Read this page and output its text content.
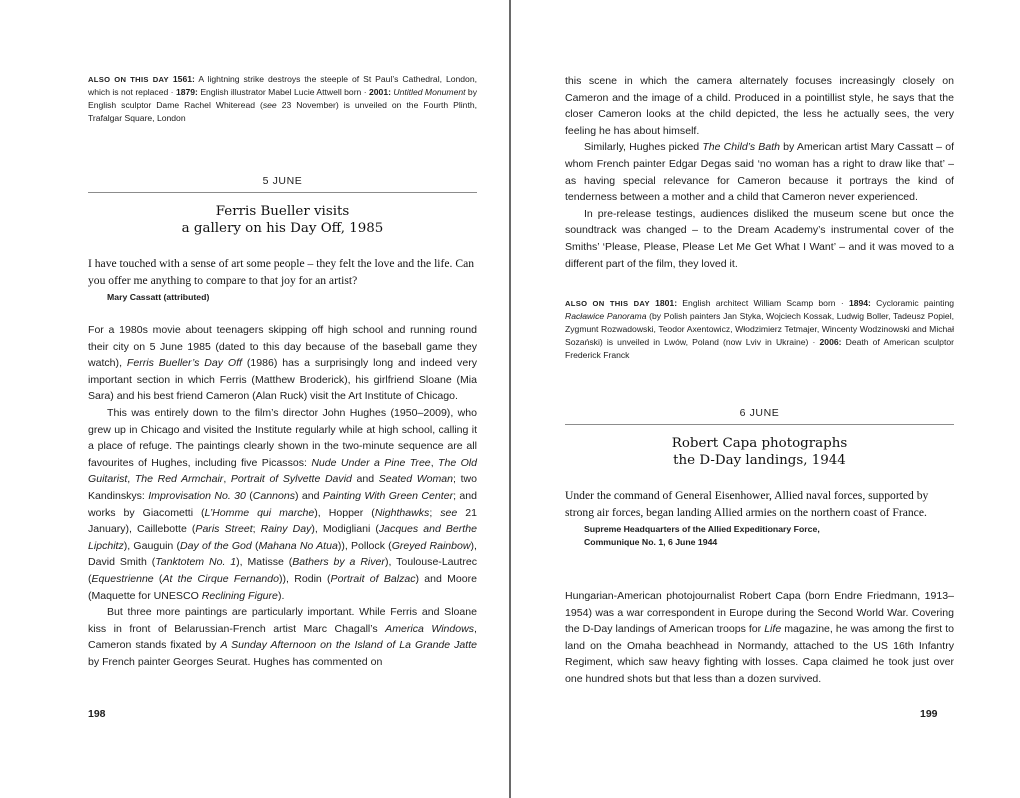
ALSO ON THIS DAY 1561: A lightning strike destroys the steeple of St Paul’s Cathedral, London, which is not replaced · 1879: English illustrator Mabel Lucie Attwell born · 2001: Untitled Monument by English sculptor Dame Rachel Whiteread (see 23 November) is unveiled on the Fourth Plinth, Trafalgar Square, London

5 JUNE
Ferris Bueller visits
a gallery on his Day Off, 1985

I have touched with a sense of art some people – they felt the love and the life. Can you offer me anything to compare to that joy for an artist?

Mary Cassatt (attributed)

For a 1980s movie about teenagers skipping off high school and running round their city on 5 June 1985 (dated to this day because of the baseball game they watch), Ferris Bueller’s Day Off (1986) has a surprisingly long and indeed very important section in which Ferris (Matthew Broderick), his girlfriend Sloane (Mia Sara) and his best friend Cameron (Alan Ruck) visit the Art Institute of Chicago.

This was entirely down to the film’s director John Hughes (1950–2009), who grew up in Chicago and visited the Institute regularly while at high school, calling it a place of refuge. The paintings clearly shown in the two-minute sequence are all favourites of Hughes, including five Picassos: Nude Under a Pine Tree, The Old Guitarist, The Red Armchair, Portrait of Sylvette David and Seated Woman; two Kandinskys: Improvisation No. 30 (Cannons) and Painting With Green Center; and works by Giacometti (L’Homme qui marche), Hopper (Nighthawks; see 21 January), Caillebotte (Paris Street; Rainy Day), Modigliani (Jacques and Berthe Lipchitz), Gauguin (Day of the God (Mahana No Atua)), Pollock (Greyed Rainbow), David Smith (Tanktotem No. 1), Matisse (Bathers by a River), Toulouse-Lautrec (Equestrienne (At the Cirque Fernando)), Rodin (Portrait of Balzac) and Moore (Maquette for UNESCO Reclining Figure).

But three more paintings are particularly important. While Ferris and Sloane kiss in front of Belarussian-French artist Marc Chagall’s America Windows, Cameron stands fixated by A Sunday Afternoon on the Island of La Grande Jatte by French painter Georges Seurat. Hughes has commented on

198

this scene in which the camera alternately focuses increasingly closely on Cameron and the image of a child. Produced in a pointillist style, he says that the closer Cameron looks at the child depicted, the less he actually sees, the very feeling he has about himself.

Similarly, Hughes picked The Child’s Bath by American artist Mary Cassatt – of whom French painter Edgar Degas said ‘no woman has a right to draw like that’ – as having special relevance for Cameron because it portrays the kind of tenderness between a mother and a child that Cameron never experienced.

In pre-release testings, audiences disliked the museum scene but once the soundtrack was changed – to the Dream Academy’s instrumental cover of the Smiths’ ‘Please, Please, Please Let Me Get What I Want’ – and it was moved to a different part of the film, they loved it.

ALSO ON THIS DAY 1801: English architect William Scamp born · 1894: Cycloramic painting Racławice Panorama (by Polish painters Jan Styka, Wojciech Kossak, Ludwig Boller, Tadeusz Popiel, Zygmunt Rozwadowski, Teodor Axentowicz, Włodzimierz Tetmajer, Wincenty Wodzinowski and Michał Sozański) is unveiled in Lwów, Poland (now Lviv in Ukraine) · 2006: Death of American sculptor Frederick Franck

6 JUNE
Robert Capa photographs
the D-Day landings, 1944

Under the command of General Eisenhower, Allied naval forces, supported by strong air forces, began landing Allied armies on the northern coast of France.

Supreme Headquarters of the Allied Expeditionary Force,
Communique No. 1, 6 June 1944

Hungarian-American photojournalist Robert Capa (born Endre Friedmann, 1913–1954) was a war correspondent in Europe during the Second World War. Covering the D-Day landings of American troops for Life magazine, he was among the first to land on the Omaha beachhead in Normandy, attached to the US 16th Infantry Regiment, which saw heavy fighting with losses. Capa claimed he took just over one hundred shots but that less than a dozen survived.

199
